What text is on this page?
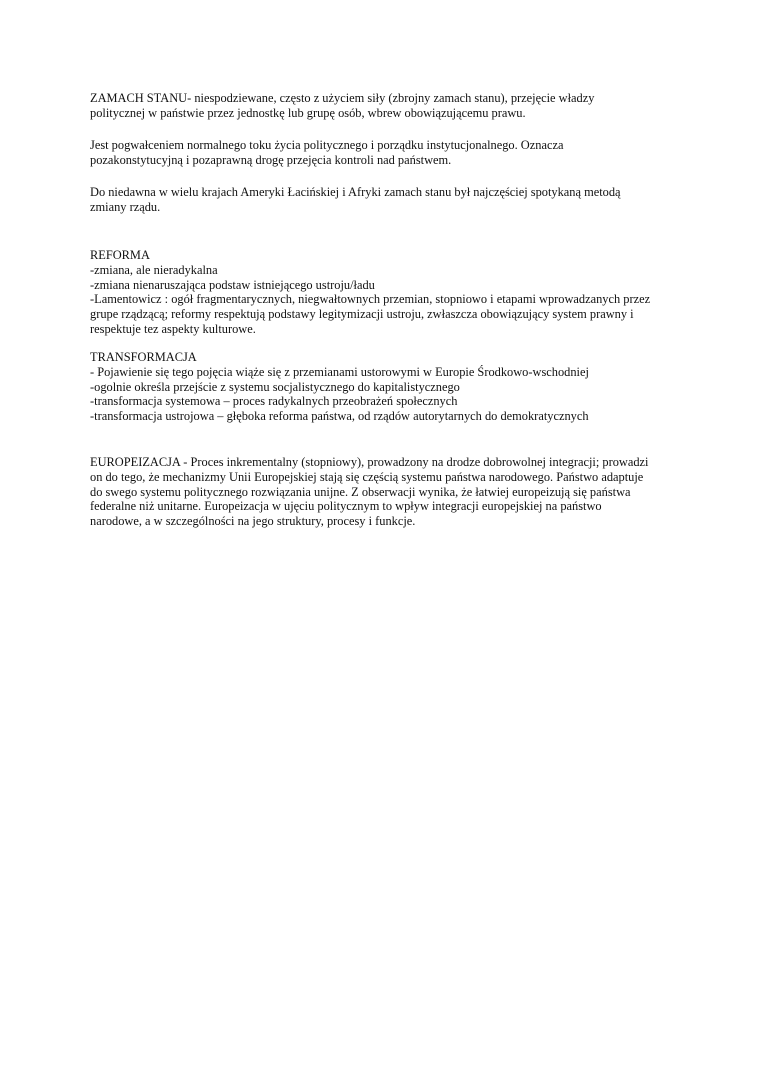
ZAMACH STANU- niespodziewane, często z użyciem siły (zbrojny zamach stanu), przejęcie władzy
politycznej w państwie przez jednostkę lub grupę osób, wbrew obowiązującemu prawu.
Jest pogwałceniem normalnego toku życia politycznego i porządku instytucjonalnego. Oznacza
pozakonstytucyjną i pozaprawną drogę przejęcia kontroli nad państwem.
Do niedawna w wielu krajach Ameryki Łacińskiej i Afryki zamach stanu był najczęściej spotykaną metodą
zmiany rządu.
REFORMA
-zmiana, ale nieradykalna
-zmiana nienaruszająca podstaw istniejącego ustroju/ładu
-Lamentowicz : ogół fragmentarycznych, niegwałtownych przemian, stopniowo i etapami wprowadzanych przez
grupe rządzącą; reformy respektują podstawy legitymizacji ustroju, zwłaszcza obowiązujący system prawny i
respektuje tez aspekty kulturowe.
TRANSFORMACJA
- Pojawienie się tego pojęcia wiąże się z przemianami ustorowymi w Europie Środkowo-wschodniej
-ogolnie określa przejście z systemu socjalistycznego do kapitalistycznego
-transformacja systemowa – proces radykalnych przeobrażeń społecznych
-transformacja ustrojowa – głęboka reforma państwa, od rządów autorytarnych do demokratycznych
EUROPEIZACJA - Proces inkrementalny (stopniowy), prowadzony na drodze dobrowolnej integracji; prowadzi
on do tego, że mechanizmy Unii Europejskiej stają się częścią systemu państwa narodowego. Państwo adaptuje
do swego systemu politycznego rozwiązania unijne. Z obserwacji wynika, że łatwiej europeizują się państwa
federalne niż unitarne. Europeizacja w ujęciu politycznym to wpływ integracji europejskiej na państwo
narodowe, a w szczególności na jego struktury, procesy i funkcje.
